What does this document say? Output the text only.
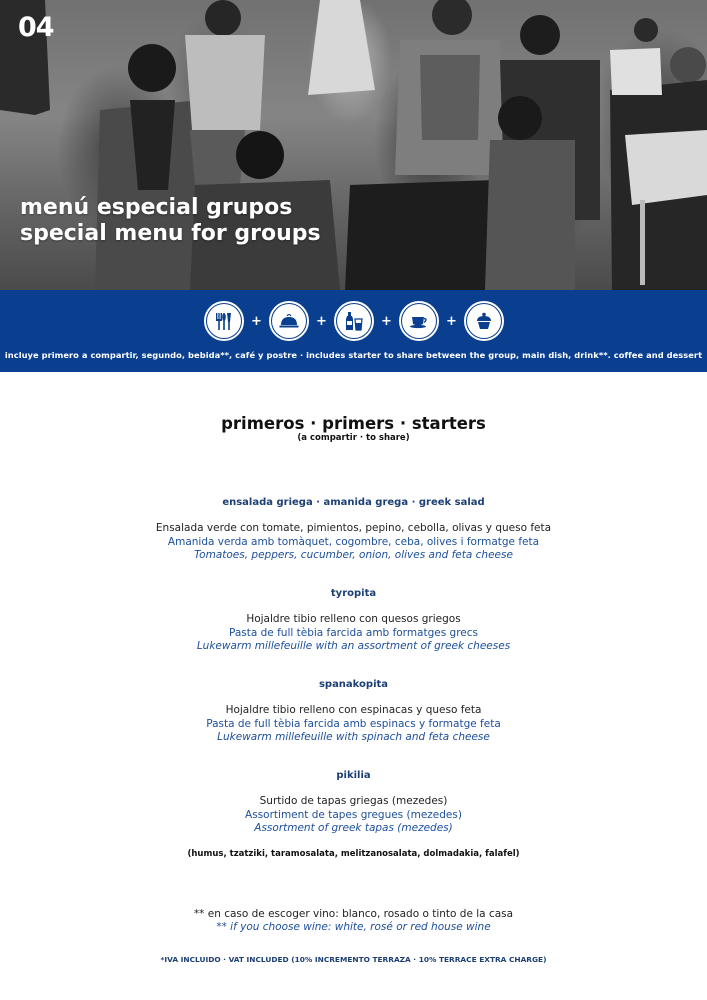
04
menú especial grupos
special menu for groups
+	+	+	+
incluye primero a compartir, segundo, bebida**, café y postre · includes starter to share between the group, main dish, drink**. coffee and dessert
primeros · primers · starters
(a compartir · to share)
ensalada griega · amanida grega · greek salad
Ensalada verde con tomate, pimientos, pepino, cebolla, olivas y queso feta
Amanida verda amb tomàquet, cogombre, ceba, olives i formatge feta
Tomatoes, peppers, cucumber, onion, olives and feta cheese
tyropita
Hojaldre tibio relleno con quesos griegos
Pasta de full tèbia farcida amb formatges grecs
Lukewarm millefeuille with an assortment of greek cheeses
spanakopita
Hojaldre tibio relleno con espinacas y queso feta
Pasta de full tèbia farcida amb espinacs y formatge feta
Lukewarm millefeuille with spinach and feta cheese
pikilia
Surtido de tapas griegas (mezedes)
Assortiment de tapes gregues (mezedes)
Assortment of greek tapas (mezedes)
(humus, tzatziki, taramosalata, melitzanosalata, dolmadakia, falafel)
** en caso de escoger vino: blanco, rosado o tinto de la casa
** if you choose wine: white, rosé or red house wine
*IVA INCLUIDO · VAT INCLUDED (10% INCREMENTO TERRAZA · 10% TERRACE EXTRA CHARGE)
